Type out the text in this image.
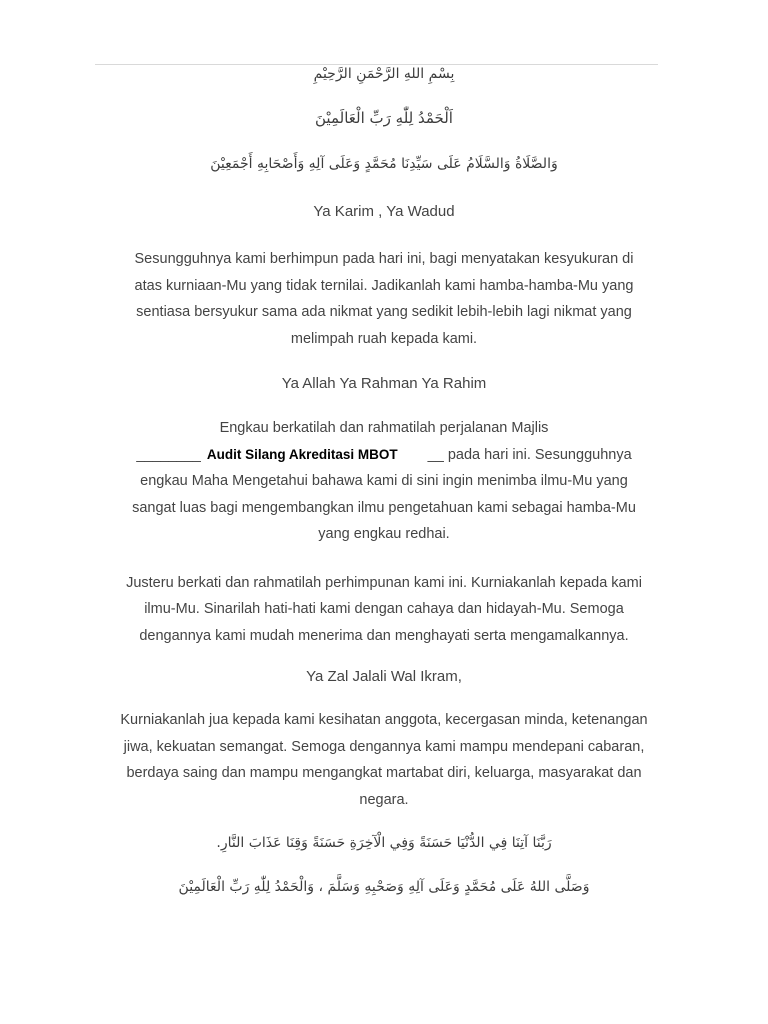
بِسْمِ اللهِ الرَّحْمَنِ الرَّحِيْمِ

اَلْحَمْدُ لِلّٰهِ رَبِّ الْعَالَمِيْنَ

وَالصَّلَاةُ وَالسَّلَامُ عَلَى سَيِّدِنَا مُحَمَّدٍ وَعَلَى آلِهِ وَأَصْحَابِهِ أَجْمَعِيْنَ

Ya Karim , Ya Wadud

Sesungguhnya kami berhimpun pada hari ini, bagi menyatakan kesyukuran di atas kurniaan-Mu yang tidak ternilai. Jadikanlah kami hamba-hamba-Mu yang sentiasa bersyukur sama ada nikmat yang sedikit lebih-lebih lagi nikmat yang melimpah ruah kepada kami.

Ya Allah Ya Rahman Ya Rahim

Engkau berkatilah dan rahmatilah perjalanan Majlis
________ Audit Silang Akreditasi MBOT __ pada hari ini. Sesungguhnya engkau Maha Mengetahui bahawa kami di sini ingin menimba ilmu-Mu yang sangat luas bagi mengembangkan ilmu pengetahuan kami sebagai hamba-Mu yang engkau redhai.

Justeru berkati dan rahmatilah perhimpunan kami ini. Kurniakanlah kepada kami ilmu-Mu. Sinarilah hati-hati kami dengan cahaya dan hidayah-Mu. Semoga dengannya kami mudah menerima dan menghayati serta mengamalkannya.

Ya Zal Jalali Wal Ikram,

Kurniakanlah jua kepada kami kesihatan anggota, kecergasan minda, ketenangan jiwa, kekuatan semangat. Semoga dengannya kami mampu mendepani cabaran, berdaya saing dan mampu mengangkat martabat diri, keluarga, masyarakat dan negara.

رَبَّنَا آتِنَا فِي الدُّنْيَا حَسَنَةً وَفِي الْآخِرَةِ حَسَنَةً وَقِنَا عَذَابَ النَّارِ.

وَصَلَّى اللهُ عَلَى مُحَمَّدٍ وَعَلَى آلِهِ وَصَحْبِهِ وَسَلَّمَ ، وَالْحَمْدُ لِلّٰهِ رَبِّ الْعَالَمِيْنَ
